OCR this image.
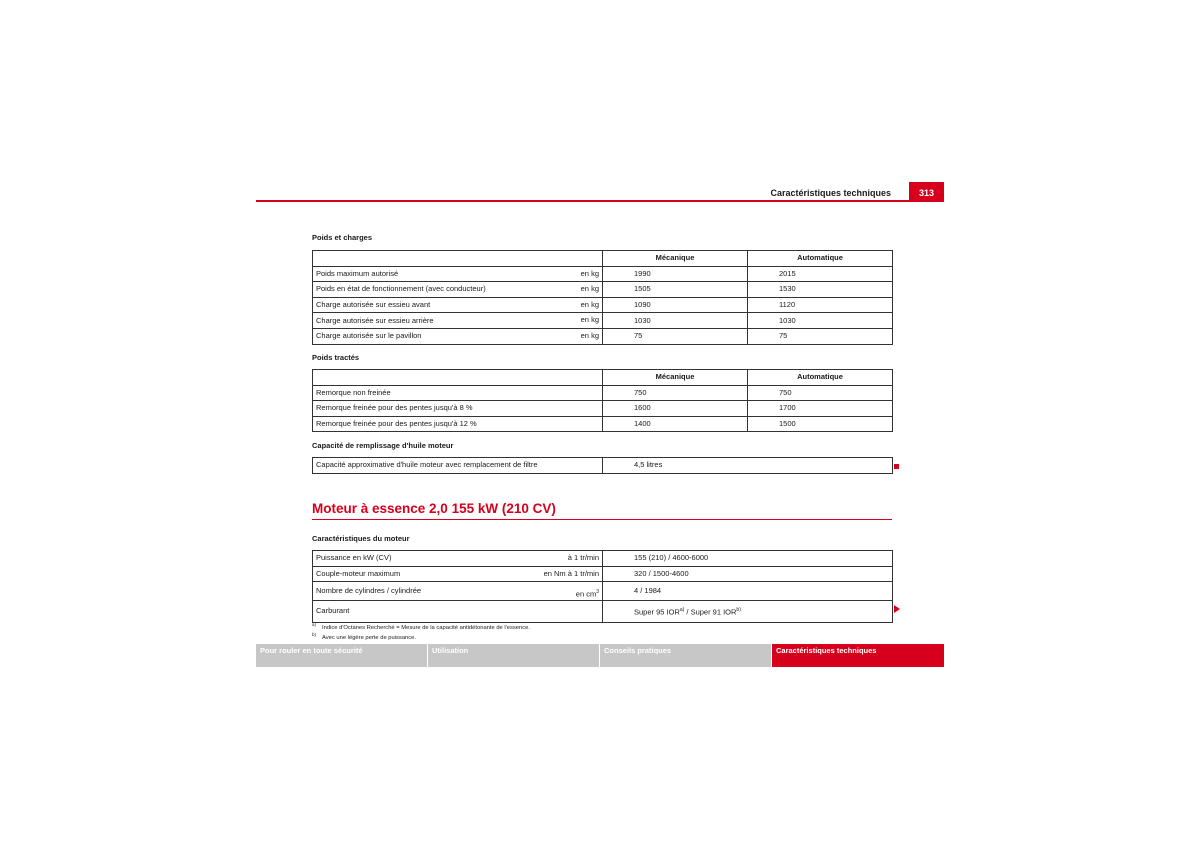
Caractéristiques techniques	313
Poids et charges
	Mécanique	Automatique
Poids maximum autorisé en kg	1990	2015
Poids en état de fonctionnement (avec conducteur) en kg	1505	1530
Charge autorisée sur essieu avant en kg	1090	1120
Charge autorisée sur essieu arrière en kg	1030	1030
Charge autorisée sur le pavillon en kg	75	75
Poids tractés
	Mécanique	Automatique
Remorque non freinée	750	750
Remorque freinée pour des pentes jusqu'à 8 %	1600	1700
Remorque freinée pour des pentes jusqu'à 12 %	1400	1500
Capacité de remplissage d'huile moteur
Capacité approximative d'huile moteur avec remplacement de filtre	4,5 litres
Moteur à essence 2,0 155 kW (210 CV)
Caractéristiques du moteur
Puissance en kW (CV) à 1 tr/min	155 (210) / 4600-6000
Couple-moteur maximum en Nm à 1 tr/min	320 / 1500-4600
Nombre de cylindres / cylindrée en $cm^3$	4 / 1984
Carburant	Super 95 IOR$^{a)}$ / Super 91 IOR$^{b)}$
$^{a)}$Indice d'Octanes Recherché = Mesure de la capacité antidétonante de l'essence.
$^{b)}$Avec une légère perte de puissance.
Pour rouler en toute sécurité	Utilisation	Conseils pratiques	Caractéristiques techniques
